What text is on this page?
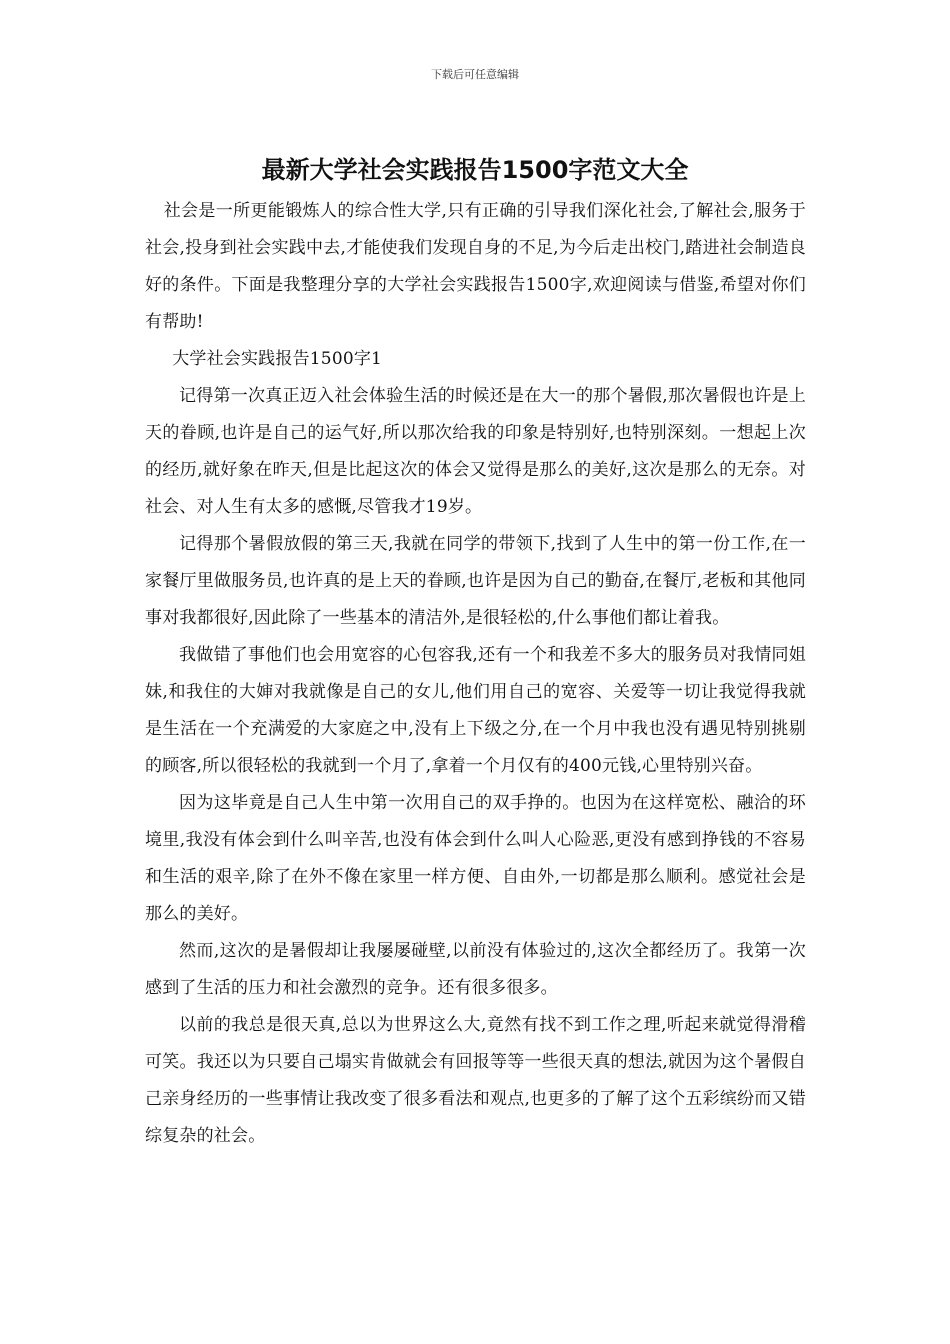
下载后可任意编辑
最新大学社会实践报告1500字范文大全

社会是一所更能锻炼人的综合性大学,只有正确的引导我们深化社会,了解社会,服务于社会,投身到社会实践中去,才能使我们发现自身的不足,为今后走出校门,踏进社会制造良好的条件。下面是我整理分享的大学社会实践报告1500字,欢迎阅读与借鉴,希望对你们有帮助!

大学社会实践报告1500字1

记得第一次真正迈入社会体验生活的时候还是在大一的那个暑假,那次暑假也许是上天的眷顾,也许是自己的运气好,所以那次给我的印象是特别好,也特别深刻。一想起上次的经历,就好象在昨天,但是比起这次的体会又觉得是那么的美好,这次是那么的无奈。对社会、对人生有太多的感慨,尽管我才19岁。

记得那个暑假放假的第三天,我就在同学的带领下,找到了人生中的第一份工作,在一家餐厅里做服务员,也许真的是上天的眷顾,也许是因为自己的勤奋,在餐厅,老板和其他同事对我都很好,因此除了一些基本的清洁外,是很轻松的,什么事他们都让着我。

我做错了事他们也会用宽容的心包容我,还有一个和我差不多大的服务员对我情同姐妹,和我住的大婶对我就像是自己的女儿,他们用自己的宽容、关爱等一切让我觉得我就是生活在一个充满爱的大家庭之中,没有上下级之分,在一个月中我也没有遇见特别挑剔的顾客,所以很轻松的我就到一个月了,拿着一个月仅有的400元钱,心里特别兴奋。

因为这毕竟是自己人生中第一次用自己的双手挣的。也因为在这样宽松、融洽的环境里,我没有体会到什么叫辛苦,也没有体会到什么叫人心险恶,更没有感到挣钱的不容易和生活的艰辛,除了在外不像在家里一样方便、自由外,一切都是那么顺利。感觉社会是那么的美好。

然而,这次的是暑假却让我屡屡碰壁,以前没有体验过的,这次全都经历了。我第一次感到了生活的压力和社会激烈的竞争。还有很多很多。

以前的我总是很天真,总以为世界这么大,竟然有找不到工作之理,听起来就觉得滑稽可笑。我还以为只要自己塌实肯做就会有回报等等一些很天真的想法,就因为这个暑假自己亲身经历的一些事情让我改变了很多看法和观点,也更多的了解了这个五彩缤纷而又错综复杂的社会。
